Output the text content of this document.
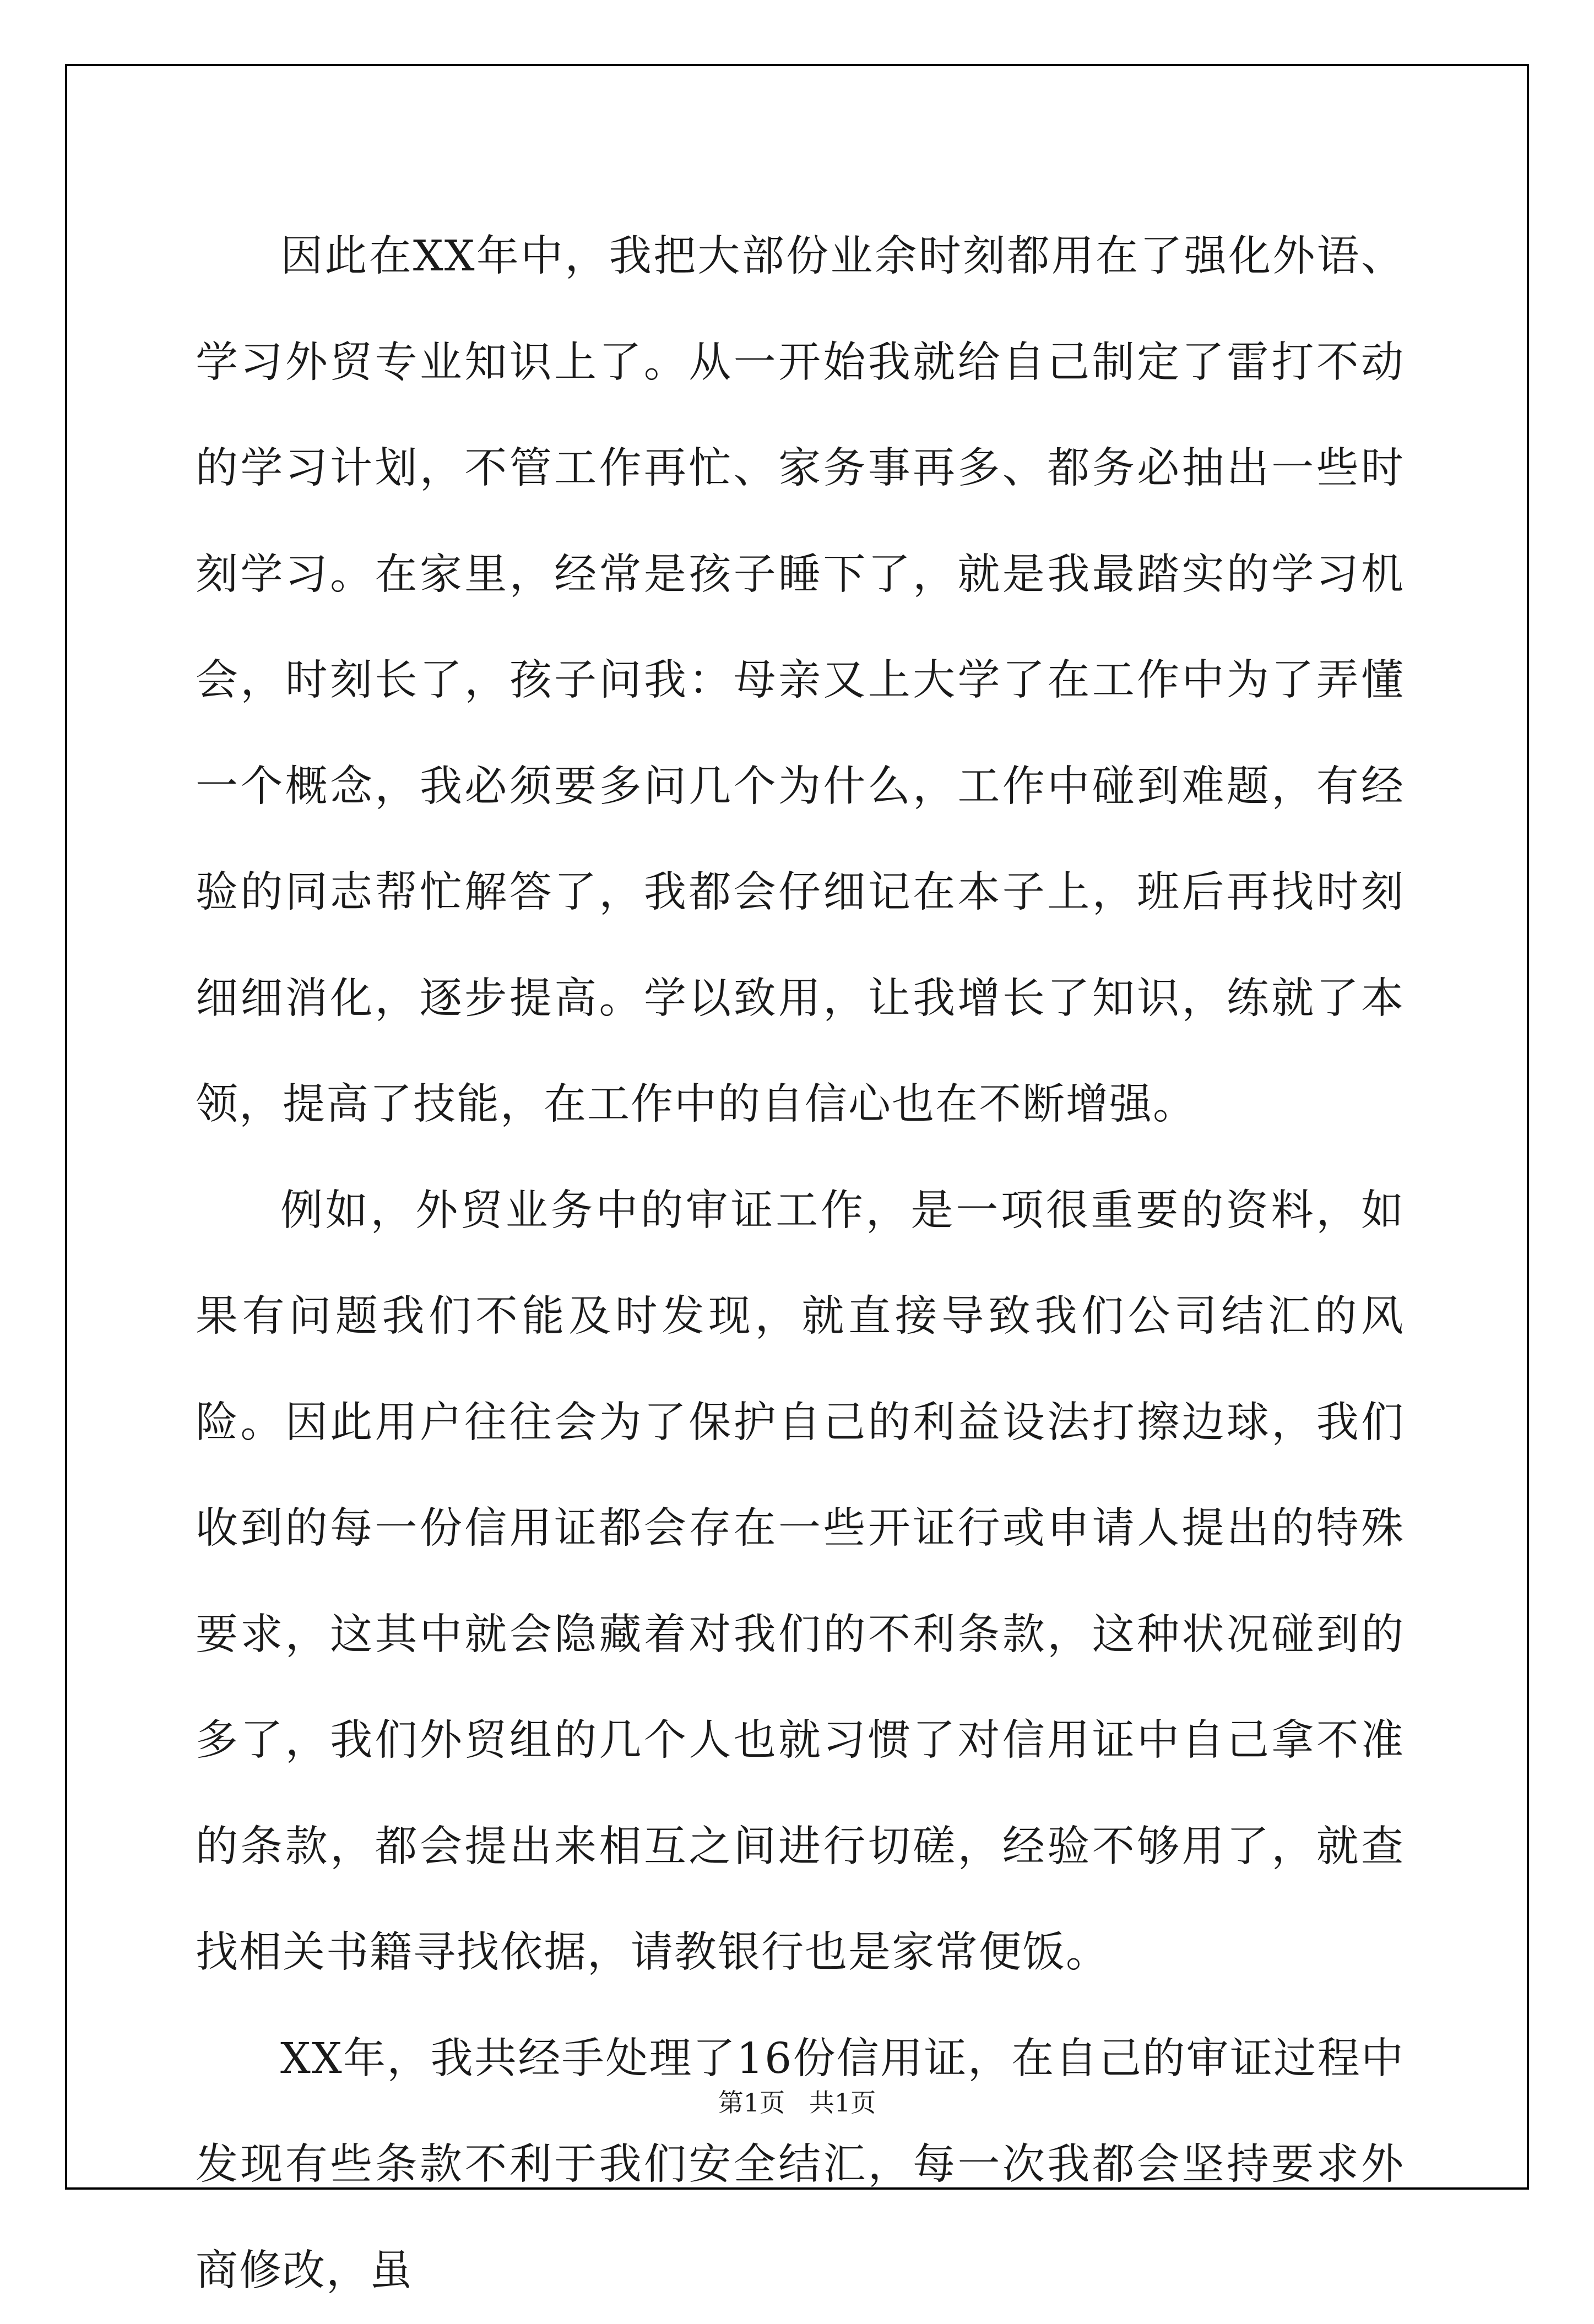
因此在XX年中，我把大部份业余时刻都用在了强化外语、学习外贸专业知识上了。从一开始我就给自己制定了雷打不动的学习计划，不管工作再忙、家务事再多、都务必抽出一些时刻学习。在家里，经常是孩子睡下了，就是我最踏实的学习机会，时刻长了，孩子问我：母亲又上大学了在工作中为了弄懂一个概念，我必须要多问几个为什么，工作中碰到难题，有经验的同志帮忙解答了，我都会仔细记在本子上，班后再找时刻细细消化，逐步提高。学以致用，让我增长了知识，练就了本领，提高了技能，在工作中的自信心也在不断增强。

例如，外贸业务中的审证工作，是一项很重要的资料，如果有问题我们不能及时发现，就直接导致我们公司结汇的风险。因此用户往往会为了保护自己的利益设法打擦边球，我们收到的每一份信用证都会存在一些开证行或申请人提出的特殊要求，这其中就会隐藏着对我们的不利条款，这种状况碰到的多了，我们外贸组的几个人也就习惯了对信用证中自己拿不准的条款，都会提出来相互之间进行切磋，经验不够用了，就查找相关书籍寻找依据，请教银行也是家常便饭。

XX年，我共经手处理了16份信用证，在自己的审证过程中发现有些条款不利于我们安全结汇，每一次我都会坚持要求外商修改，虽

第1页   共1页
